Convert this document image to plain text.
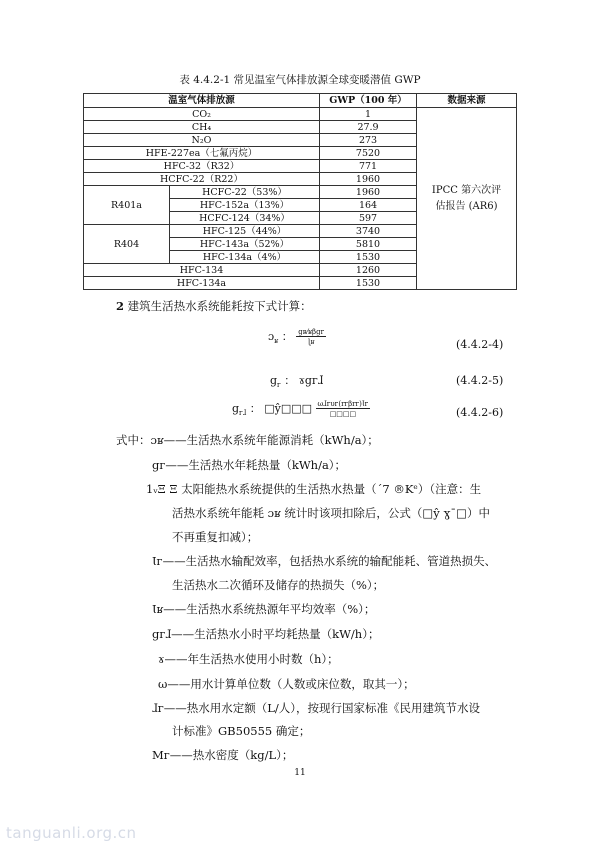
表 4.4.2-1 常见温室气体排放源全球变暖潜值 GWP
温室气体排放源		GWP（100 年）	数据来源
CO₂		1	IPCC 第六次评
估报告 (AR6)

CH₄		27.9	
N₂O		273	
HFE-227ea（七氟丙烷）		7520	
HFC-32（R32）		771	
HCFC-22（R22）		1960	
R401a	HCFC-22（53%）	1960	
	HFC-152a（13%）	164	
	HCFC-124（34%）	597	
R404	HFC-125（44%）	3740	
	HFC-143a（52%）	5810	
	HFC-134a（4%）	1530	
HFC-134		1260	
HFC-134a		1530	
2 建筑生活热水系统能耗按下式计算：
ɔ$_ʁ$ ： $\frac{\text{gʀ⁄ʁβgᴦ}}{\text{ɭʁ}}$	(4.4.2-4)
$g_ᴦ$ ： ɤgᴦɺ	(4.4.2-5)
$g_{ᴦɺ}$ ： □ŷ□□□ $\frac{\text{ωɺᴦυᴦ(rᴦβrᴦ)Ɩᴦ}}{□□□□}$	(4.4.2-6)
式中：ɔʁ——生活热水系统年能源消耗（kWh/a）；
gᴦ——生活热水年耗热量（kWh/a）；
1ᵥΞ Ξ 太阳能热水系统提供的生活热水热量（ˊ7 ®Kᵉ）（注意：生
活热水系统年能耗 ɔʁ 统计时该项扣除后，公式（□ŷ ɣˉ□）中
不再重复扣减）；
Ɩᴦ——生活热水输配效率，包括热水系统的输配能耗、管道热损失、
生活热水二次循环及储存的热损失（%）；
Ɩʁ——生活热水系统热源年平均效率（%）；
gᴦɺ——生活热水小时平均耗热量（kW/h）；
ɤ——年生活热水使用小时数（h）；
ω——用水计算单位数（人数或床位数，取其一）；
ɺᴦ——热水用水定额（L/人），按现行国家标准《民用建筑节水设
计标准》GB50555 确定；
Mᴦ——热水密度（kg/L）；
11
tanguanli.org.cn
